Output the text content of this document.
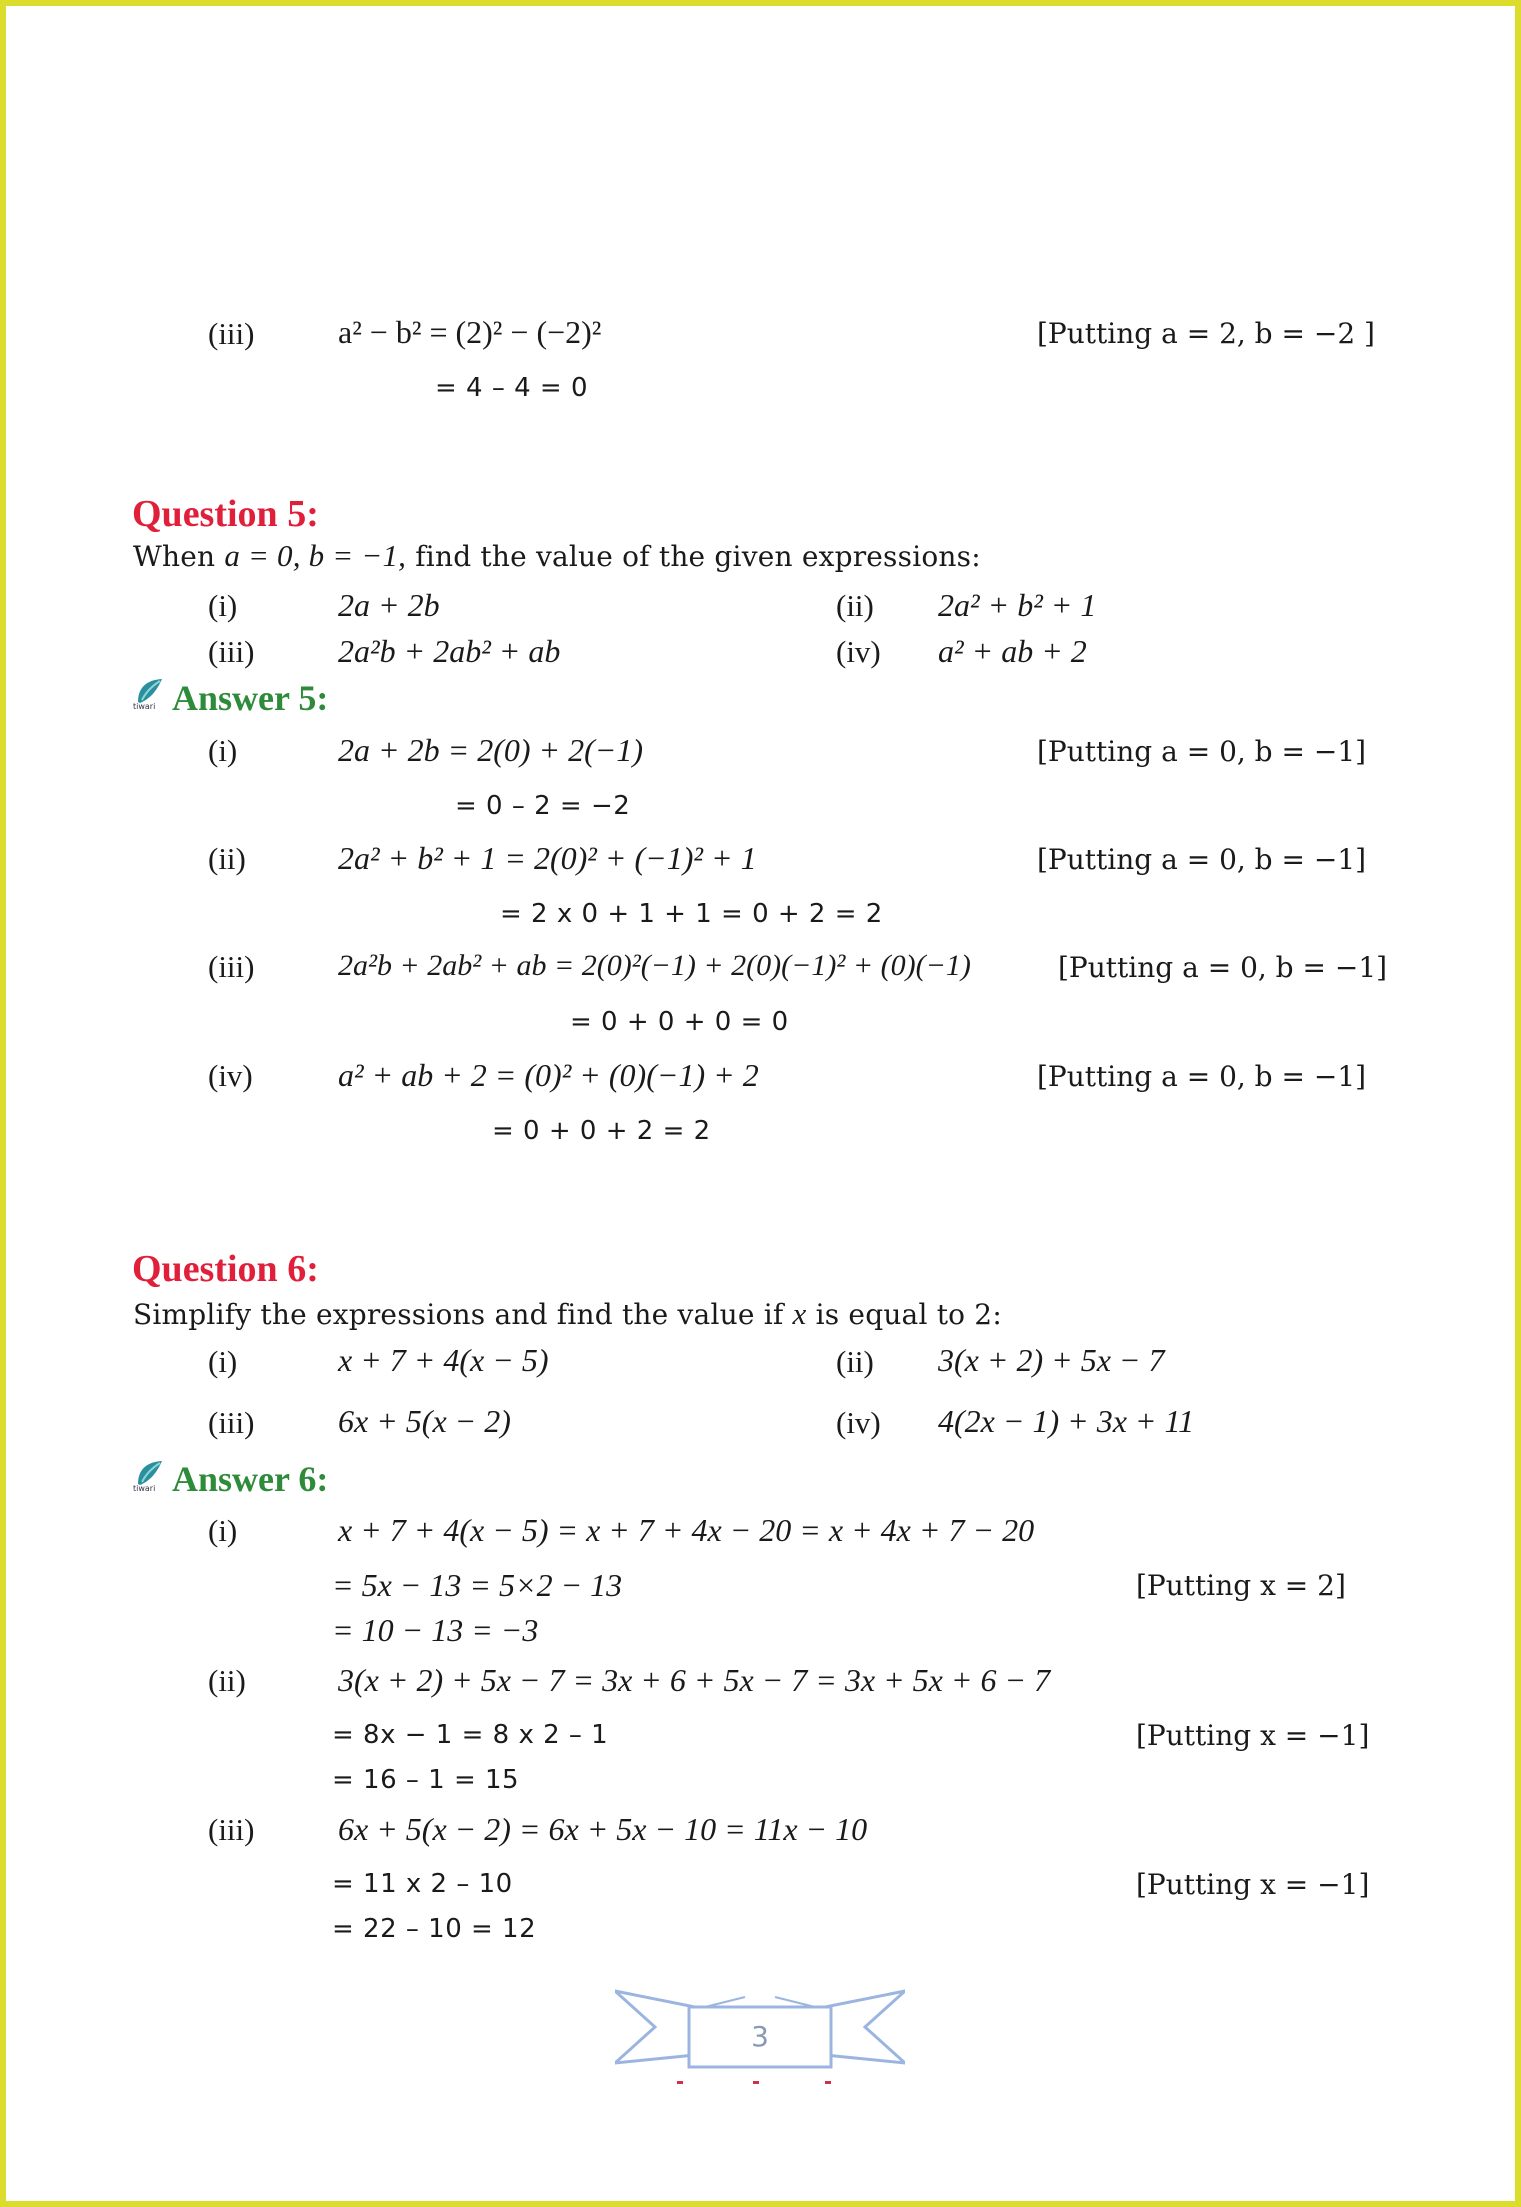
(iii)	a² − b² = (2)² − (−2)²	[Putting a = 2, b = −2 ]
= 4 – 4 = 0
Question 5:
When a = 0, b = −1, find the value of the given expressions:
(i)	2a + 2b	(ii) 2a² + b² + 1
(iii)	2a²b + 2ab² + ab	(iv) a² + ab + 2
tiwari Answer 5:
(i)	2a + 2b = 2(0) + 2(−1)	[Putting a = 0, b = −1]
= 0 – 2 = −2
(ii)	2a² + b² + 1 = 2(0)² + (−1)² + 1	[Putting a = 0, b = −1]
= 2 x 0 + 1 + 1 = 0 + 2 = 2
(iii)	2a²b + 2ab² + ab = 2(0)²(−1) + 2(0)(−1)² + (0)(−1)	[Putting a = 0, b = −1]
= 0 + 0 + 0 = 0
(iv)	a² + ab + 2 = (0)² + (0)(−1) + 2	[Putting a = 0, b = −1]
= 0 + 0 + 2 = 2
Question 6:
Simplify the expressions and find the value if x is equal to 2:
(i)	x + 7 + 4(x − 5)	(ii) 3(x + 2) + 5x − 7
(iii)	6x + 5(x − 2)	(iv) 4(2x − 1) + 3x + 11
tiwari Answer 6:
(i)	x + 7 + 4(x − 5) = x + 7 + 4x − 20 = x + 4x + 7 − 20
= 5x − 13 = 5×2 − 13	[Putting x = 2]
= 10 − 13 = −3
(ii)	3(x + 2) + 5x − 7 = 3x + 6 + 5x − 7 = 3x + 5x + 6 − 7
= 8x − 1 = 8 x 2 – 1	[Putting x = −1]
= 16 – 1 = 15
(iii)	6x + 5(x − 2) = 6x + 5x − 10 = 11x − 10
= 11 x 2 – 10	[Putting x = −1]
= 22 – 10 = 12
3
